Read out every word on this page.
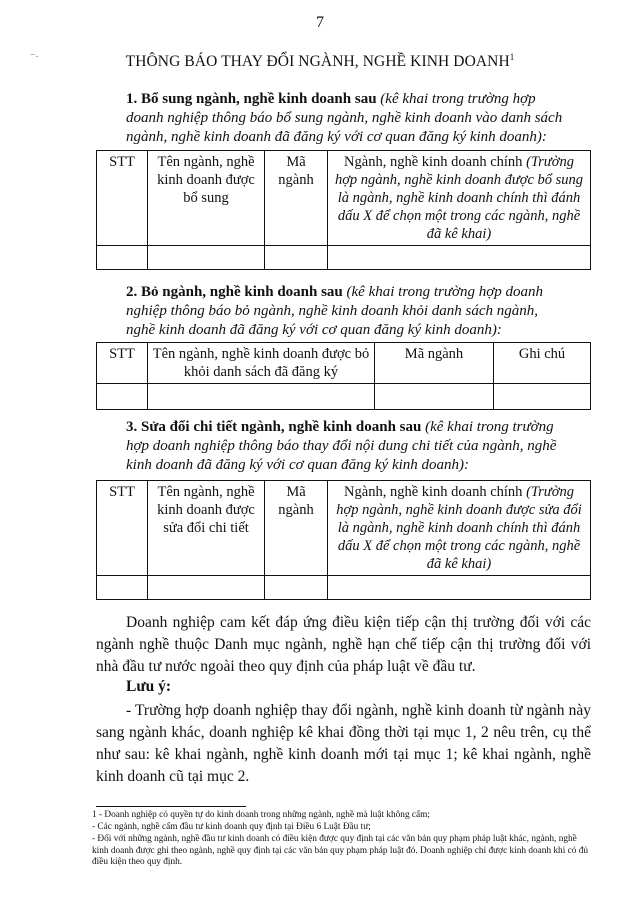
7
⁻·	THÔNG BÁO THAY ĐỔI NGÀNH, NGHỀ KINH DOANH$^1$
1. Bổ sung ngành, nghề kinh doanh sau (kê khai trong trường hợp doanh nghiệp thông báo bổ sung ngành, nghề kinh doanh vào danh sách ngành, nghề kinh doanh đã đăng ký với cơ quan đăng ký kinh doanh):
STT	Tên ngành, nghề kinh doanh được bổ sung	Mã ngành	Ngành, nghề kinh doanh chính (Trường hợp ngành, nghề kinh doanh được bổ sung là ngành, nghề kinh doanh chính thì đánh dấu X để chọn một trong các ngành, nghề đã kê khai)

2. Bỏ ngành, nghề kinh doanh sau (kê khai trong trường hợp doanh nghiệp thông báo bỏ ngành, nghề kinh doanh khỏi danh sách ngành, nghề kinh doanh đã đăng ký với cơ quan đăng ký kinh doanh):
STT	Tên ngành, nghề kinh doanh được bỏ khỏi danh sách đã đăng ký	Mã ngành	Ghi chú

3. Sửa đổi chi tiết ngành, nghề kinh doanh sau (kê khai trong trường hợp doanh nghiệp thông báo thay đổi nội dung chi tiết của ngành, nghề kinh doanh đã đăng ký với cơ quan đăng ký kinh doanh):
STT	Tên ngành, nghề kinh doanh được sửa đổi chi tiết	Mã ngành	Ngành, nghề kinh doanh chính (Trường hợp ngành, nghề kinh doanh được sửa đổi là ngành, nghề kinh doanh chính thì đánh dấu X để chọn một trong các ngành, nghề đã kê khai)

Doanh nghiệp cam kết đáp ứng điều kiện tiếp cận thị trường đối với các ngành nghề thuộc Danh mục ngành, nghề hạn chế tiếp cận thị trường đối với nhà đầu tư nước ngoài theo quy định của pháp luật về đầu tư.
Lưu ý:
- Trường hợp doanh nghiệp thay đổi ngành, nghề kinh doanh từ ngành này sang ngành khác, doanh nghiệp kê khai đồng thời tại mục 1, 2 nêu trên, cụ thể như sau: kê khai ngành, nghề kinh doanh mới tại mục 1; kê khai ngành, nghề kinh doanh cũ tại mục 2.
1 - Doanh nghiệp có quyền tự do kinh doanh trong những ngành, nghề mà luật không cấm;
- Các ngành, nghề cấm đầu tư kinh doanh quy định tại Điều 6 Luật Đầu tư;
- Đối với những ngành, nghề đầu tư kinh doanh có điều kiện được quy định tại các văn bản quy phạm pháp luật khác, ngành, nghề kinh doanh được ghi theo ngành, nghề quy định tại các văn bản quy phạm pháp luật đó. Doanh nghiệp chỉ được kinh doanh khi có đủ điều kiện theo quy định.
